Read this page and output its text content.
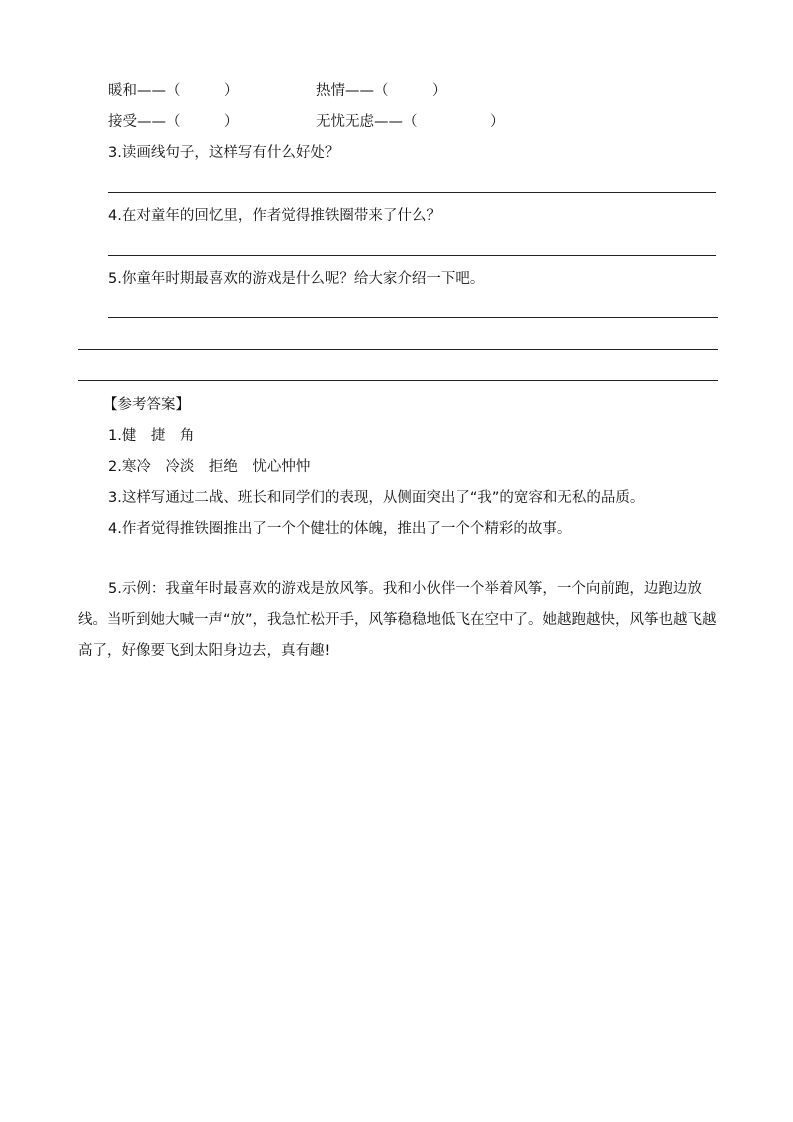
暖和——（　　　）	热情——（　　　）
接受——（　　　）	无忧无虑——（　　　　　）
3.读画线句子，这样写有什么好处？
4.在对童年的回忆里，作者觉得推铁圈带来了什么？
5.你童年时期最喜欢的游戏是什么呢？给大家介绍一下吧。
【参考答案】
1.健　捷　角
2.寒冷　冷淡　拒绝　忧心忡忡
3.这样写通过二战、班长和同学们的表现，从侧面突出了“我”的宽容和无私的品质。
4.作者觉得推铁圈推出了一个个健壮的体魄，推出了一个个精彩的故事。
5.示例：我童年时最喜欢的游戏是放风筝。我和小伙伴一个举着风筝，一个向前跑，边跑边放线。当听到她大喊一声“放”，我急忙松开手，风筝稳稳地低飞在空中了。她越跑越快，风筝也越飞越高了，好像要飞到太阳身边去，真有趣!
